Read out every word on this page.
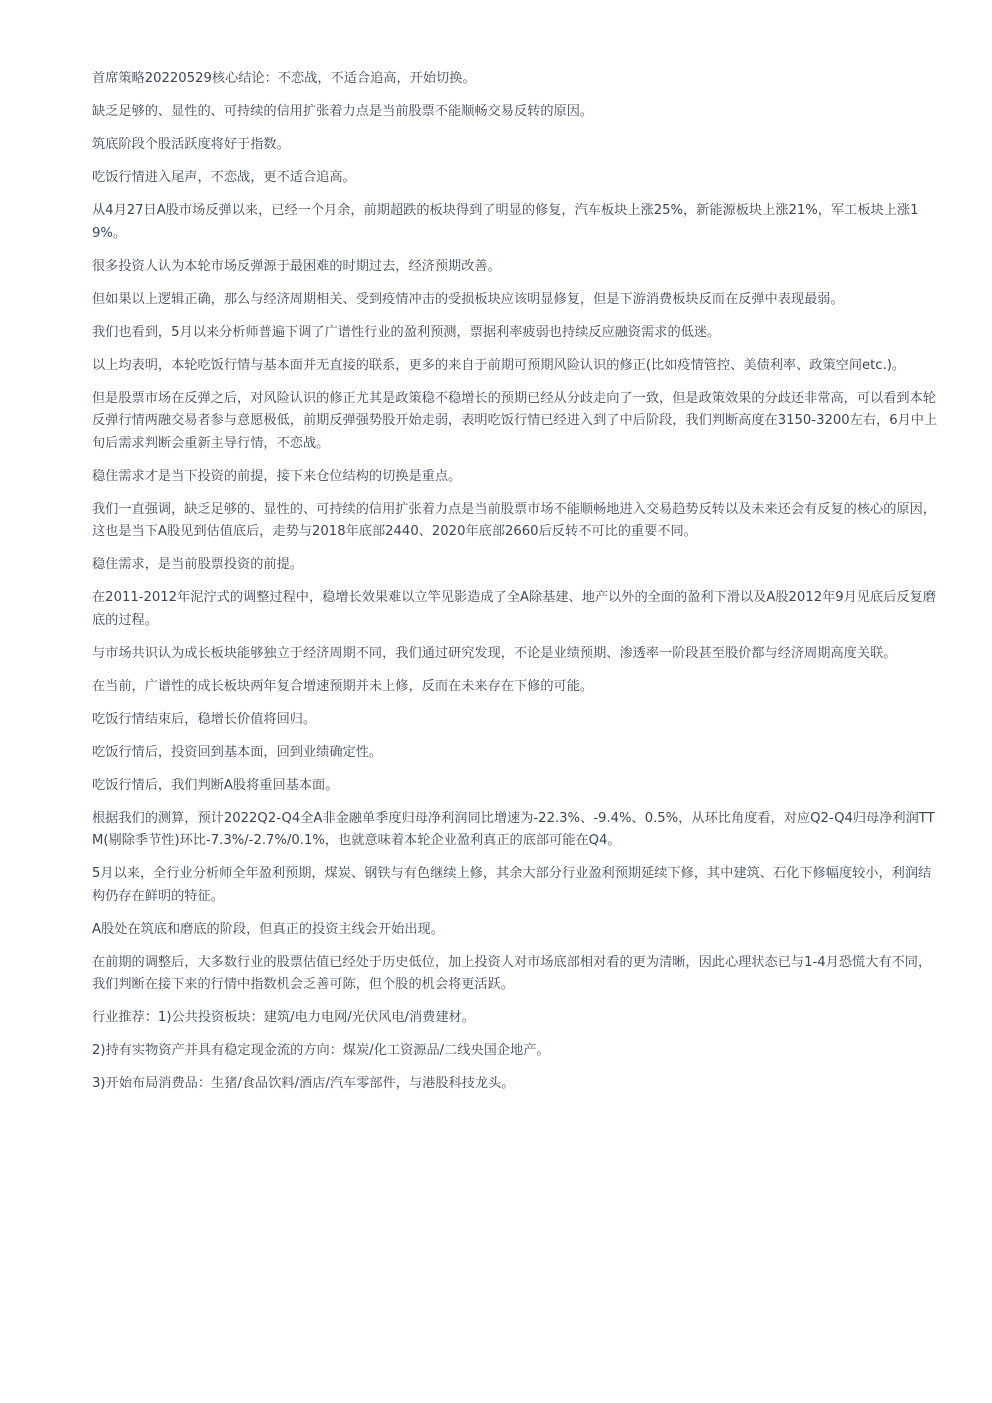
首席策略20220529核心结论：不恋战，不适合追高，开始切换。

缺乏足够的、显性的、可持续的信用扩张着力点是当前股票不能顺畅交易反转的原因。

筑底阶段个股活跃度将好于指数。

吃饭行情进入尾声，不恋战，更不适合追高。

从4月27日A股市场反弹以来，已经一个月余，前期超跌的板块得到了明显的修复，汽车板块上涨25%，新能源板块上涨21%，军工板块上涨19%。

很多投资人认为本轮市场反弹源于最困难的时期过去，经济预期改善。

但如果以上逻辑正确，那么与经济周期相关、受到疫情冲击的受损板块应该明显修复，但是下游消费板块反而在反弹中表现最弱。

我们也看到，5月以来分析师普遍下调了广谱性行业的盈利预测，票据利率疲弱也持续反应融资需求的低迷。

以上均表明，本轮吃饭行情与基本面并无直接的联系，更多的来自于前期可预期风险认识的修正(比如疫情管控、美债利率、政策空间etc.)。

但是股票市场在反弹之后，对风险认识的修正尤其是政策稳不稳增长的预期已经从分歧走向了一致，但是政策效果的分歧还非常高，可以看到本轮反弹行情两融交易者参与意愿极低，前期反弹强势股开始走弱，表明吃饭行情已经进入到了中后阶段，我们判断高度在3150-3200左右，6月中上旬后需求判断会重新主导行情，不恋战。

稳住需求才是当下投资的前提，接下来仓位结构的切换是重点。

我们一直强调，缺乏足够的、显性的、可持续的信用扩张着力点是当前股票市场不能顺畅地进入交易趋势反转以及未来还会有反复的核心的原因，这也是当下A股见到估值底后，走势与2018年底部2440、2020年底部2660后反转不可比的重要不同。

稳住需求，是当前股票投资的前提。

在2011-2012年泥泞式的调整过程中，稳增长效果难以立竿见影造成了全A除基建、地产以外的全面的盈利下滑以及A股2012年9月见底后反复磨底的过程。

与市场共识认为成长板块能够独立于经济周期不同，我们通过研究发现，不论是业绩预期、渗透率一阶段甚至股价都与经济周期高度关联。

在当前，广谱性的成长板块两年复合增速预期并未上修，反而在未来存在下修的可能。

吃饭行情结束后，稳增长价值将回归。

吃饭行情后，投资回到基本面，回到业绩确定性。

吃饭行情后，我们判断A股将重回基本面。

根据我们的测算，预计2022Q2-Q4全A非金融单季度归母净利润同比增速为-22.3%、-9.4%、0.5%，从环比角度看，对应Q2-Q4归母净利润TTM(剔除季节性)环比-7.3%/-2.7%/0.1%，也就意味着本轮企业盈利真正的底部可能在Q4。

5月以来，全行业分析师全年盈利预期，煤炭、钢铁与有色继续上修，其余大部分行业盈利预期延续下修，其中建筑、石化下修幅度较小，利润结构仍存在鲜明的特征。

A股处在筑底和磨底的阶段，但真正的投资主线会开始出现。

在前期的调整后，大多数行业的股票估值已经处于历史低位，加上投资人对市场底部相对看的更为清晰，因此心理状态已与1-4月恐慌大有不同，我们判断在接下来的行情中指数机会乏善可陈，但个股的机会将更活跃。

行业推荐：1)公共投资板块：建筑/电力电网/光伏风电/消费建材。

2)持有实物资产并具有稳定现金流的方向：煤炭/化工资源品/二线央国企地产。

3)开始布局消费品：生猪/食品饮料/酒店/汽车零部件，与港股科技龙头。
